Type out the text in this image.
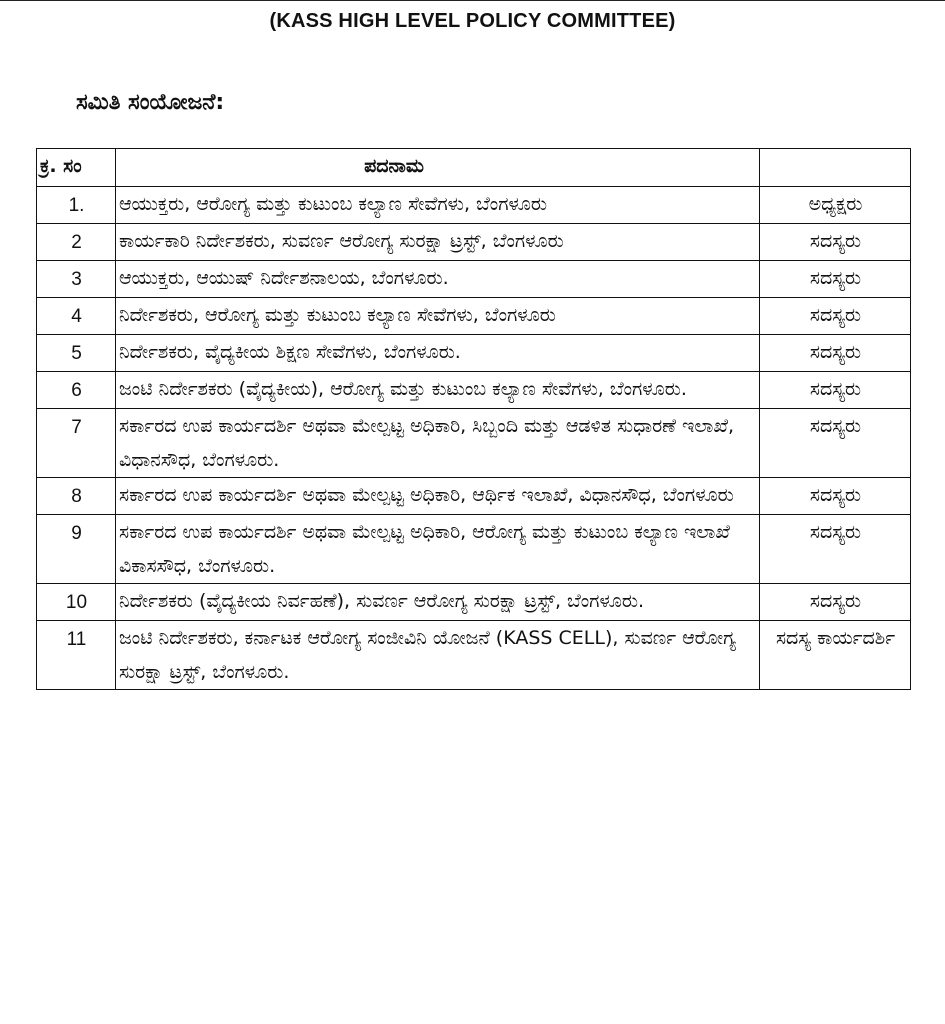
(KASS HIGH LEVEL POLICY COMMITTEE)
ಸಮಿತಿ ಸಂಯೋಜನೆ:
ಕ್ರ. ಸಂ	ಪದನಾಮ	
1.	ಆಯುಕ್ತರು, ಆರೋಗ್ಯ ಮತ್ತು ಕುಟುಂಬ ಕಲ್ಯಾಣ ಸೇವೆಗಳು, ಬೆಂಗಳೂರು	ಅಧ್ಯಕ್ಷರು
2	ಕಾರ್ಯಕಾರಿ ನಿರ್ದೇಶಕರು, ಸುವರ್ಣ ಆರೋಗ್ಯ ಸುರಕ್ಷಾ ಟ್ರಸ್ಟ್, ಬೆಂಗಳೂರು	ಸದಸ್ಯರು
3	ಆಯುಕ್ತರು, ಆಯುಷ್ ನಿರ್ದೇಶನಾಲಯ, ಬೆಂಗಳೂರು.	ಸದಸ್ಯರು
4	ನಿರ್ದೇಶಕರು, ಆರೋಗ್ಯ ಮತ್ತು ಕುಟುಂಬ ಕಲ್ಯಾಣ ಸೇವೆಗಳು, ಬೆಂಗಳೂರು	ಸದಸ್ಯರು
5	ನಿರ್ದೇಶಕರು, ವೈದ್ಯಕೀಯ ಶಿಕ್ಷಣ ಸೇವೆಗಳು, ಬೆಂಗಳೂರು.	ಸದಸ್ಯರು
6	ಜಂಟಿ ನಿರ್ದೇಶಕರು (ವೈದ್ಯಕೀಯ), ಆರೋಗ್ಯ ಮತ್ತು ಕುಟುಂಬ ಕಲ್ಯಾಣ ಸೇವೆಗಳು, ಬೆಂಗಳೂರು.	ಸದಸ್ಯರು
7	ಸರ್ಕಾರದ ಉಪ ಕಾರ್ಯದರ್ಶಿ ಅಥವಾ ಮೇಲ್ಪಟ್ಟ ಅಧಿಕಾರಿ, ಸಿಬ್ಬಂದಿ ಮತ್ತು ಆಡಳಿತ ಸುಧಾರಣೆ ಇಲಾಖೆ, ವಿಧಾನಸೌಧ, ಬೆಂಗಳೂರು.	ಸದಸ್ಯರು
8	ಸರ್ಕಾರದ ಉಪ ಕಾರ್ಯದರ್ಶಿ ಅಥವಾ ಮೇಲ್ಪಟ್ಟ ಅಧಿಕಾರಿ, ಆರ್ಥಿಕ ಇಲಾಖೆ, ವಿಧಾನಸೌಧ, ಬೆಂಗಳೂರು	ಸದಸ್ಯರು
9	ಸರ್ಕಾರದ ಉಪ ಕಾರ್ಯದರ್ಶಿ ಅಥವಾ ಮೇಲ್ಪಟ್ಟ ಅಧಿಕಾರಿ, ಆರೋಗ್ಯ ಮತ್ತು ಕುಟುಂಬ ಕಲ್ಯಾಣ ಇಲಾಖೆ ವಿಕಾಸಸೌಧ, ಬೆಂಗಳೂರು.	ಸದಸ್ಯರು
10	ನಿರ್ದೇಶಕರು (ವೈದ್ಯಕೀಯ ನಿರ್ವಹಣೆ), ಸುವರ್ಣ ಆರೋಗ್ಯ ಸುರಕ್ಷಾ ಟ್ರಸ್ಟ್, ಬೆಂಗಳೂರು.	ಸದಸ್ಯರು
11	ಜಂಟಿ ನಿರ್ದೇಶಕರು, ಕರ್ನಾಟಕ ಆರೋಗ್ಯ ಸಂಜೀವಿನಿ ಯೋಜನೆ (KASS CELL), ಸುವರ್ಣ ಆರೋಗ್ಯ ಸುರಕ್ಷಾ ಟ್ರಸ್ಟ್, ಬೆಂಗಳೂರು.	ಸದಸ್ಯ ಕಾರ್ಯದರ್ಶಿ
